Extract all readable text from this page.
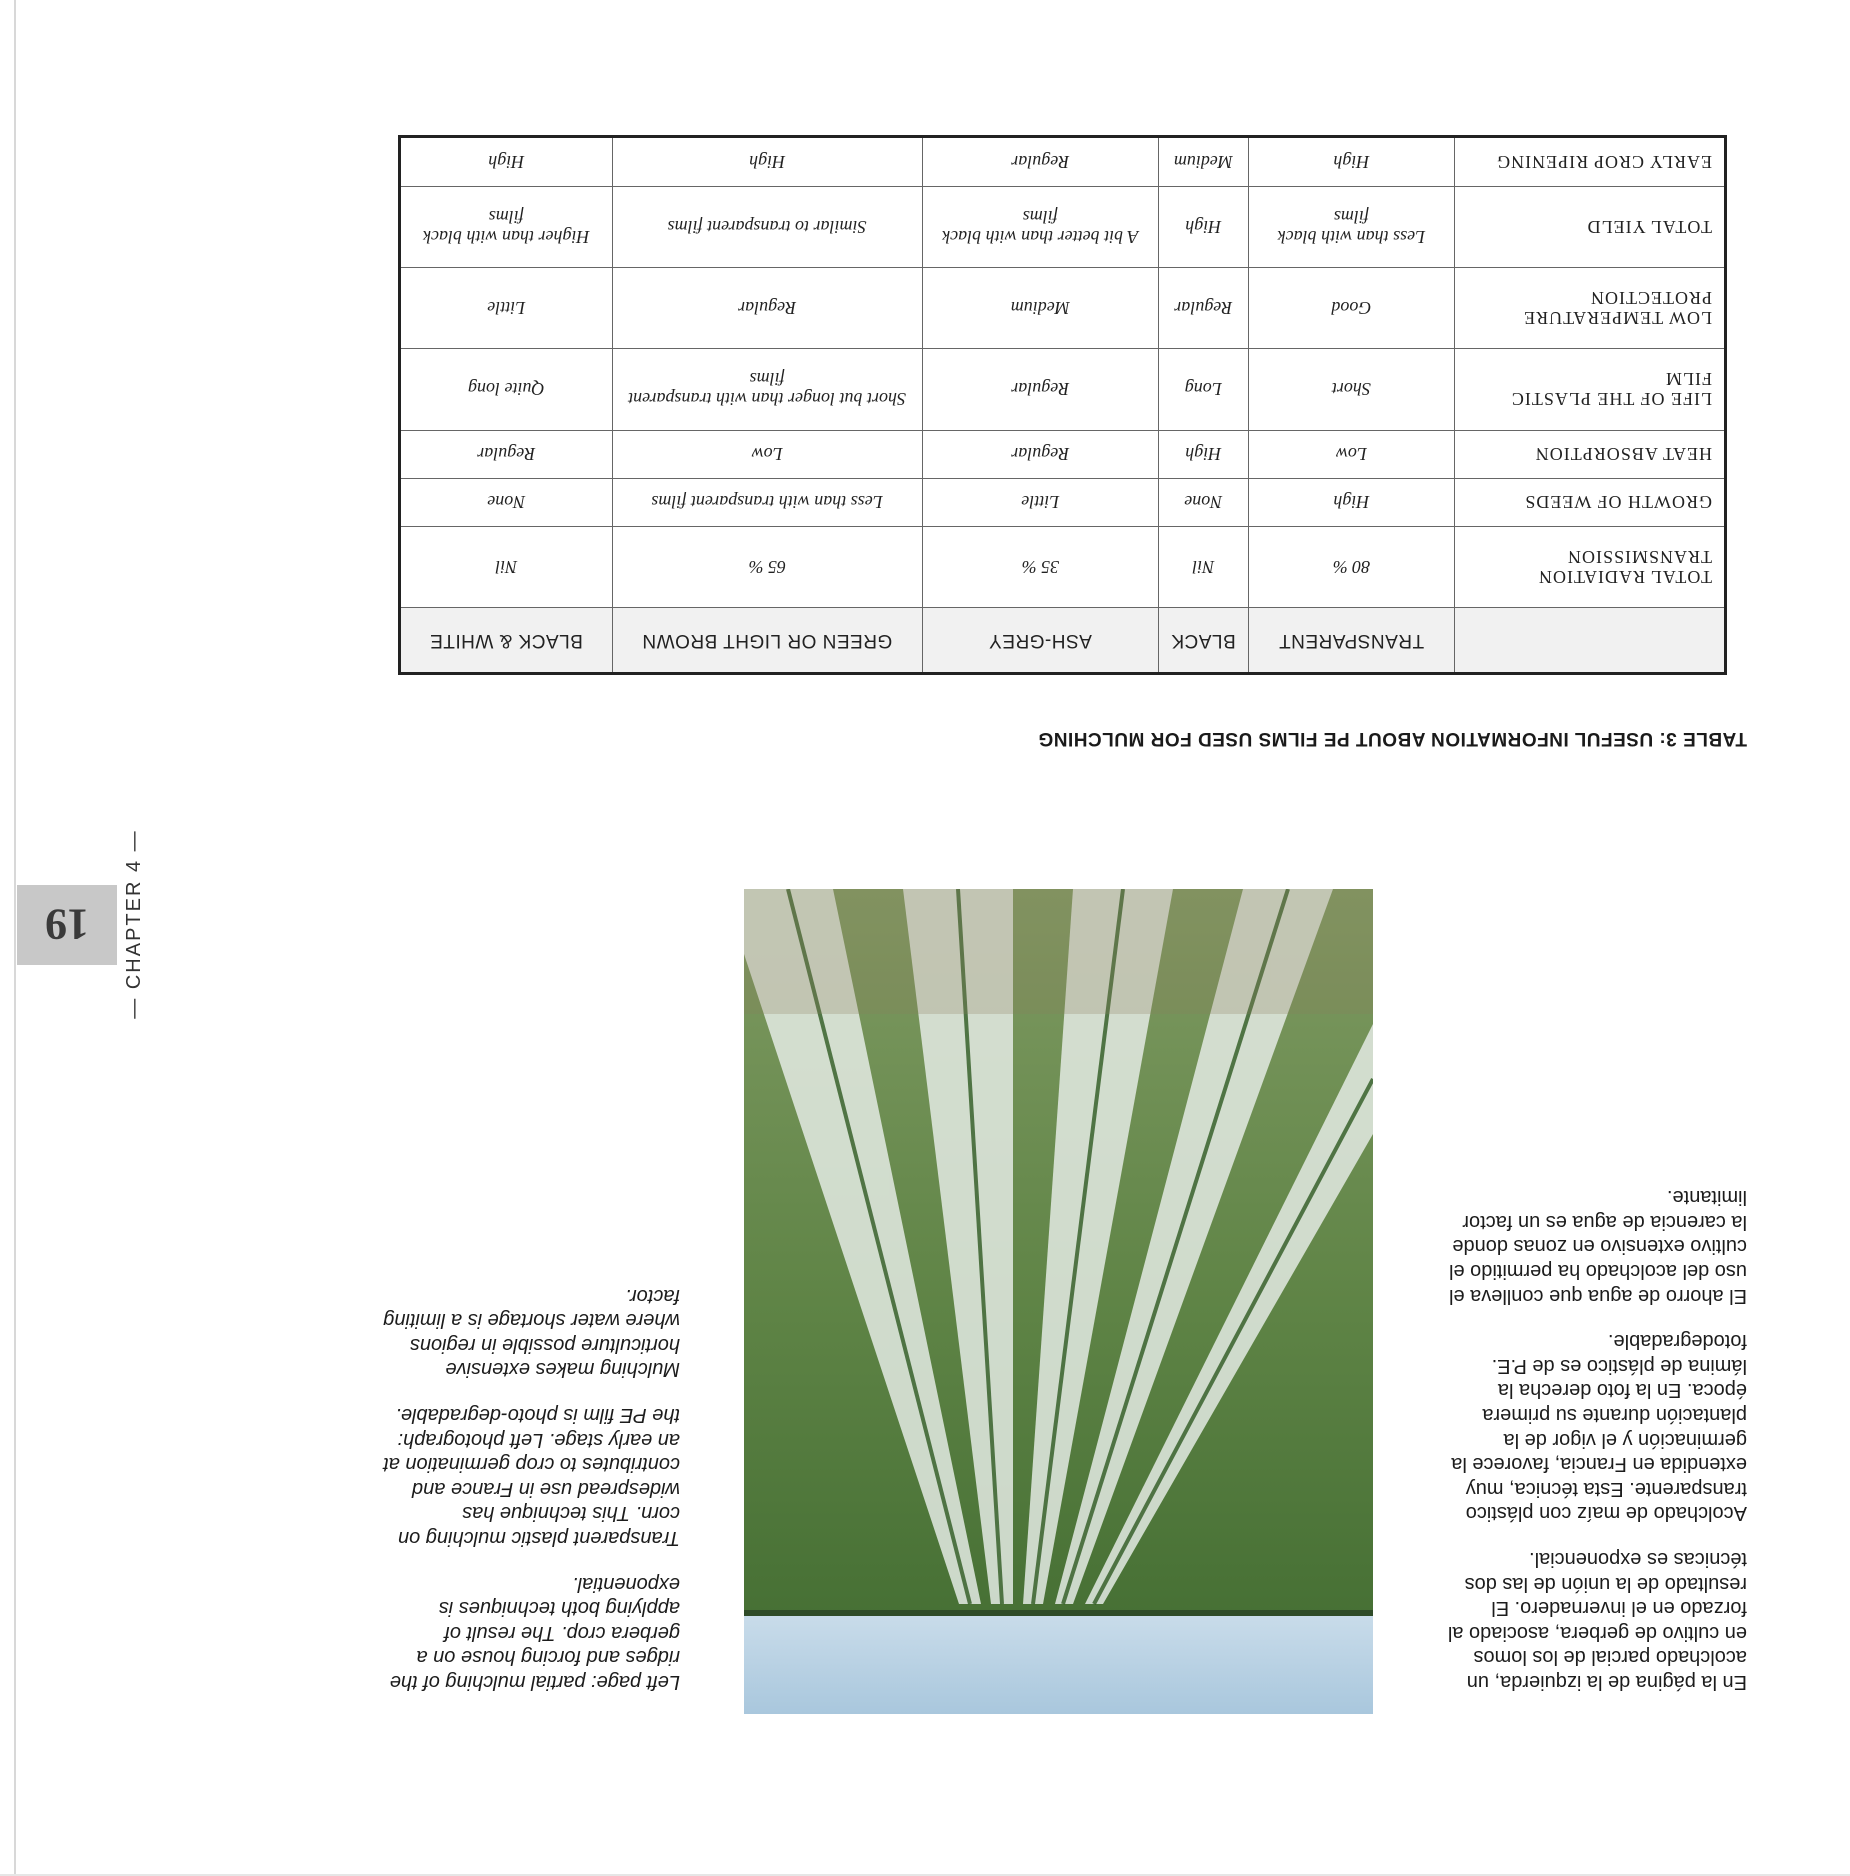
19 — CHAPTER 4 —
TABLE 3: USEFUL INFORMATION ABOUT PE FILMS USED FOR MULCHING
	TRANSPARENT	BLACK	ASH-GREY	GREEN OR LIGHT BROWN	BLACK & WHITE
TOTAL RADIATION TRANSMISSION	80 %	Nil	35 %	65 %	Nil
GROWTH OF WEEDS	High	None	Little	Less than with transparent films	None
HEAT ABSORPTION	Low	High	Regular	Low	Regular
LIFE OF THE PLASTIC FILM	Short	Long	Regular	Short but longer than with transparent films	Quite long
LOW TEMPERATURE PROTECTION	Good	Regular	Medium	Regular	Little
TOTAL YIELD	Less than with black films	High	A bit better than with black films	Similar to transparent films	Higher than with black films
EARLY CROP RIPENING	High	Medium	Regular	High	High

En la página de la izquierda, un acolchado parcial de los lomos en cultivo de gerbera, asociado al forzado en el invernadero. El resultado de la unión de las dos técnicas es exponencial.

Acolchado de maíz con plástico transparente. Esta técnica, muy extendida en Francia, favorece la germinación y el vigor de la plantación durante su primera época. En la foto derecha la lámina de plástico es de P.E. fotodegradable.

El ahorro de agua que conlleva el uso del acolchado ha permitido el cultivo extensivo en zonas donde la carencia de agua es un factor limitante.

Left page: partial mulching of the ridges and forcing house on a gerbera crop. The result of applying both techniques is exponential.

Transparent plastic mulching on corn. This technique has widespread use in France and contributes to crop germination at an early stage. Left photograph: the PE film is photo-degradable.

Mulching makes extensive horticulture possible in regions where water shortage is a limiting factor.
